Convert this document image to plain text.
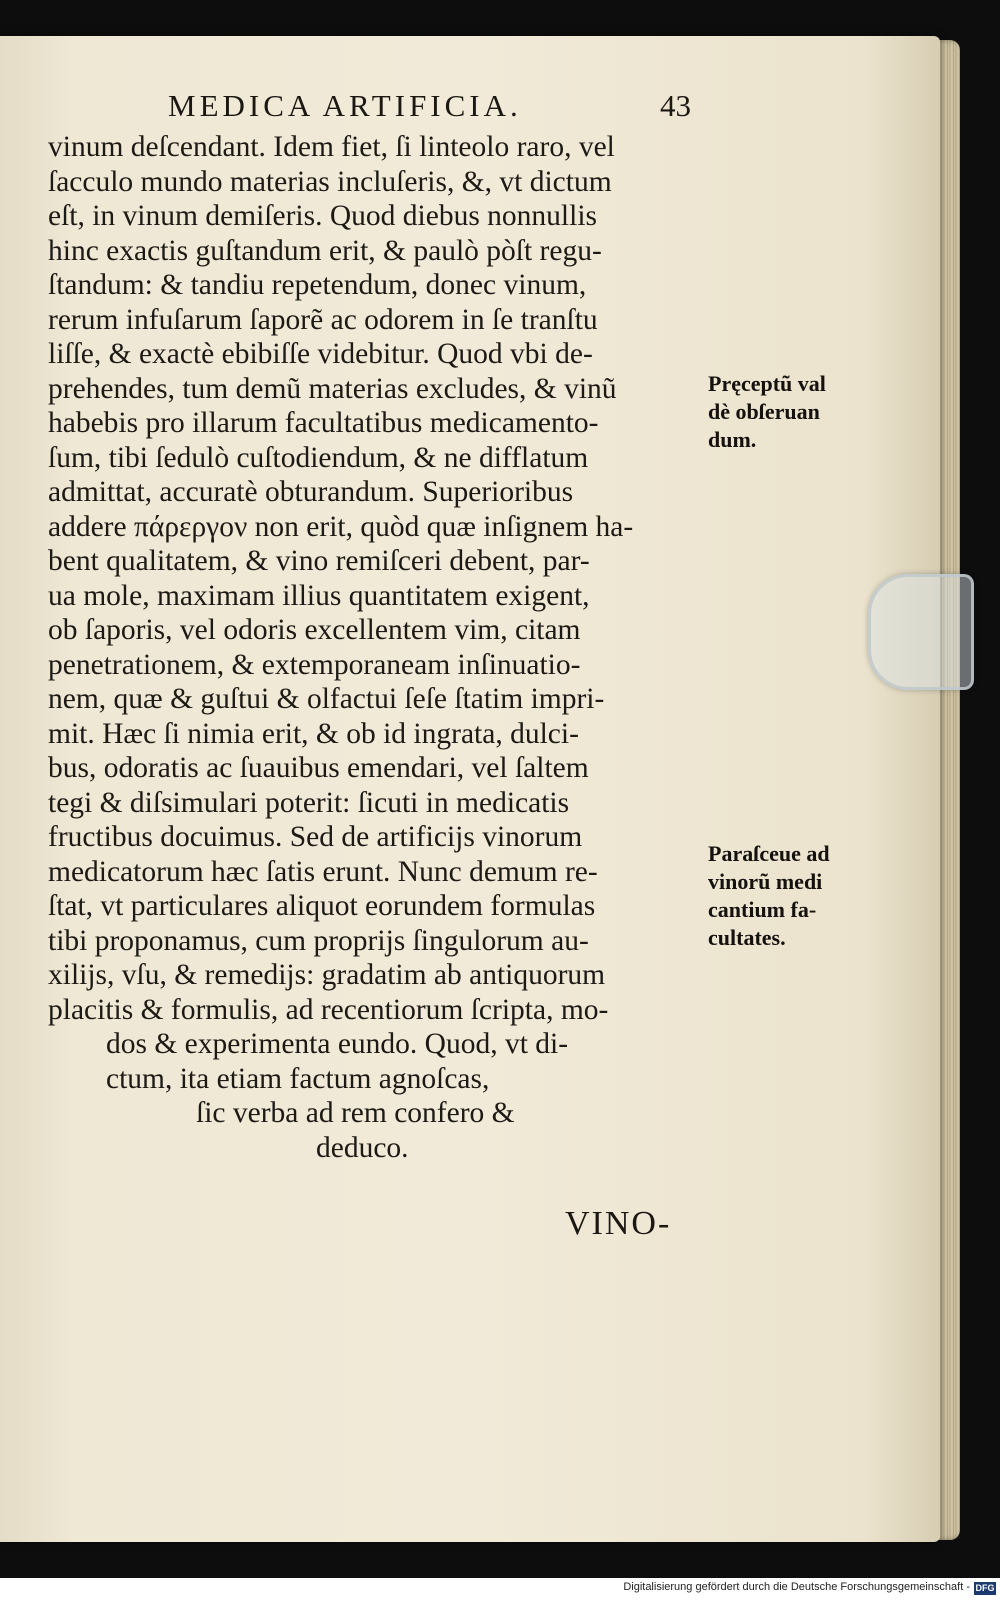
MEDICA ARTIFICIA.	43
vinum deſcendant. Idem fiet, ſi linteolo raro, vel
ſacculo mundo materias incluſeris, &, vt dictum
eſt, in vinum demiſeris. Quod diebus nonnullis
hinc exactis guſtandum erit, & paulò pòſt regu-
ſtandum: & tandiu repetendum, donec vinum,
rerum infuſarum ſaporẽ ac odorem in ſe tranſtu
liſſe, & exactè ebibiſſe videbitur. Quod vbi de-
prehendes, tum demũ materias excludes, & vinũ
habebis pro illarum facultatibus medicamento-
ſum, tibi ſedulò cuſtodiendum, & ne difflatum
admittat, accuratè obturandum. Superioribus
addere πάρεργον non erit, quòd quæ inſignem ha-
bent qualitatem, & vino remiſceri debent, par-
ua mole, maximam illius quantitatem exigent,
ob ſaporis, vel odoris excellentem vim, citam
penetrationem, & extemporaneam inſinuatio-
nem, quæ & guſtui & olfactui ſeſe ſtatim impri-
mit. Hæc ſi nimia erit, & ob id ingrata, dulci-
bus, odoratis ac ſuauibus emendari, vel ſaltem
tegi & diſsimulari poterit: ſicuti in medicatis
fructibus docuimus. Sed de artificijs vinorum
medicatorum hæc ſatis erunt. Nunc demum re-
ſtat, vt particulares aliquot eorundem formulas
tibi proponamus, cum proprijs ſingulorum au-
xilijs, vſu, & remedijs: gradatim ab antiquorum
placitis & formulis, ad recentiorum ſcripta, mo-
dos & experimenta eundo. Quod, vt di-
ctum, ita etiam factum agnoſcas,
ſic verba ad rem confero &
deduco.
Pręceptũ val
dè obſeruan
dum.
Paraſceue ad
vinorũ medi
cantium fa-
cultates.
VINO-
Digitalisierung gefördert durch die Deutsche Forschungsgemeinschaft - DFG
